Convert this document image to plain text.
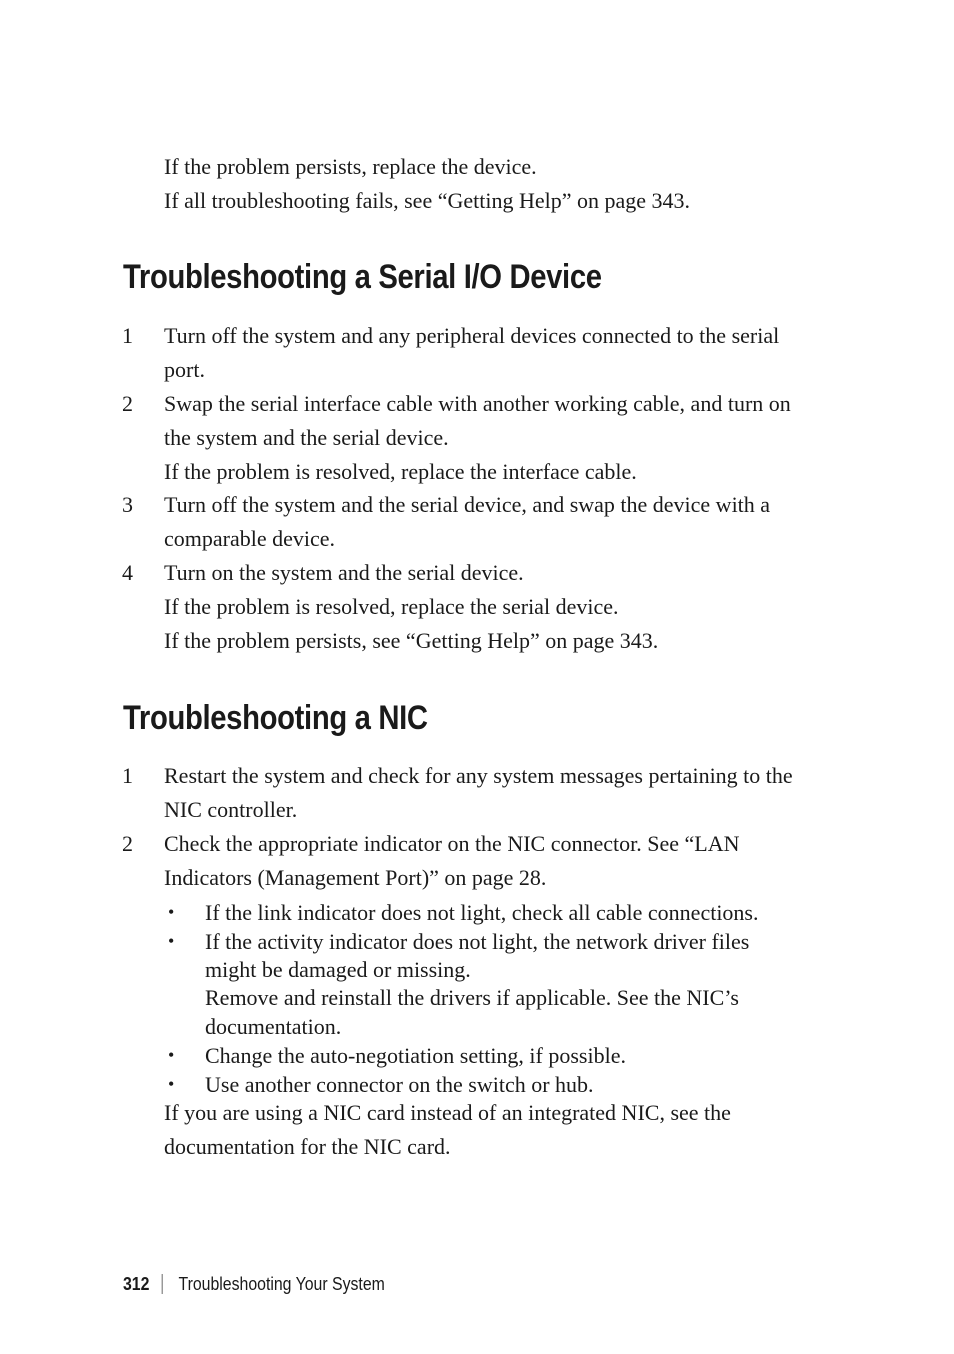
If the problem persists, replace the device.
If all troubleshooting fails, see “Getting Help” on page 343.
Troubleshooting a Serial I/O Device
1	Turn off the system and any peripheral devices connected to the serial
port.
2	Swap the serial interface cable with another working cable, and turn on
the system and the serial device.
If the problem is resolved, replace the interface cable.
3	Turn off the system and the serial device, and swap the device with a
comparable device.
4	Turn on the system and the serial device.
If the problem is resolved, replace the serial device.
If the problem persists, see “Getting Help” on page 343.
Troubleshooting a NIC
1	Restart the system and check for any system messages pertaining to the
NIC controller.
2	Check the appropriate indicator on the NIC connector. See “LAN
Indicators (Management Port)” on page 28.
• If the link indicator does not light, check all cable connections.
• If the activity indicator does not light, the network driver files
might be damaged or missing.
Remove and reinstall the drivers if applicable. See the NIC’s
documentation.
• Change the auto-negotiation setting, if possible.
• Use another connector on the switch or hub.
If you are using a NIC card instead of an integrated NIC, see the
documentation for the NIC card.
312 Troubleshooting Your System
